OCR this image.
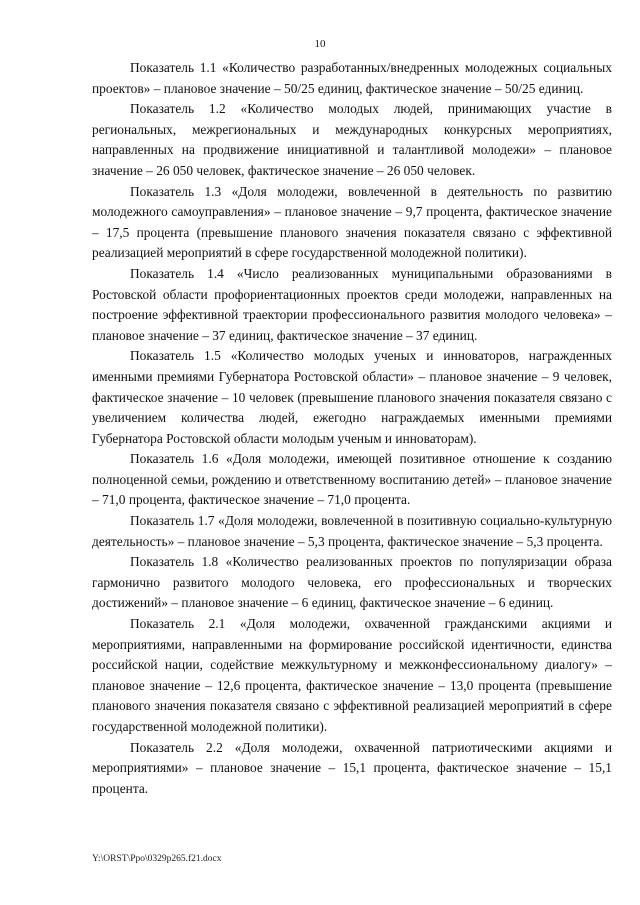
10

Показатель 1.1 «Количество разработанных/внедренных молодежных социальных проектов» – плановое значение – 50/25 единиц, фактическое значение – 50/25 единиц.

Показатель 1.2 «Количество молодых людей, принимающих участие в региональных, межрегиональных и международных конкурсных мероприятиях, направленных на продвижение инициативной и талантливой молодежи» – плановое значение – 26 050 человек, фактическое значение – 26 050 человек.

Показатель 1.3 «Доля молодежи, вовлеченной в деятельность по развитию молодежного самоуправления» – плановое значение – 9,7 процента, фактическое значение – 17,5 процента (превышение планового значения показателя связано с эффективной реализацией мероприятий в сфере государственной молодежной политики).

Показатель 1.4 «Число реализованных муниципальными образованиями в Ростовской области профориентационных проектов среди молодежи, направленных на построение эффективной траектории профессионального развития молодого человека» – плановое значение – 37 единиц, фактическое значение – 37 единиц.

Показатель 1.5 «Количество молодых ученых и инноваторов, награжденных именными премиями Губернатора Ростовской области» – плановое значение – 9 человек, фактическое значение – 10 человек (превышение планового значения показателя связано с увеличением количества людей, ежегодно награждаемых именными премиями Губернатора Ростовской области молодым ученым и инноваторам).

Показатель 1.6 «Доля молодежи, имеющей позитивное отношение к созданию полноценной семьи, рождению и ответственному воспитанию детей» – плановое значение – 71,0 процента, фактическое значение – 71,0 процента.

Показатель 1.7 «Доля молодежи, вовлеченной в позитивную социально-культурную деятельность» – плановое значение – 5,3 процента, фактическое значение – 5,3 процента.

Показатель 1.8 «Количество реализованных проектов по популяризации образа гармонично развитого молодого человека, его профессиональных и творческих достижений» – плановое значение – 6 единиц, фактическое значение – 6 единиц.

Показатель 2.1 «Доля молодежи, охваченной гражданскими акциями и мероприятиями, направленными на формирование российской идентичности, единства российской нации, содействие межкультурному и межконфессиональному диалогу» – плановое значение – 12,6 процента, фактическое значение – 13,0 процента (превышение планового значения показателя связано с эффективной реализацией мероприятий в сфере государственной молодежной политики).

Показатель 2.2 «Доля молодежи, охваченной патриотическими акциями и мероприятиями» – плановое значение – 15,1 процента, фактическое значение – 15,1 процента.

Y:\ORST\Ppo\0329p265.f21.docx
